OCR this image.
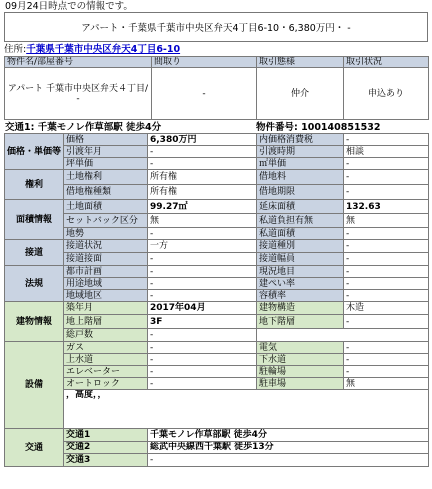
09月24日時点での情報です。
アパート・千葉県千葉市中央区弁天4丁目6-10・6,380万円・ -
住所:千葉県千葉市中央区弁天4丁目6-10
物件名/部屋番号	間取り	取引態様	取引状況
アパート 千葉市中央区弁天４丁目/ -	-	仲介	申込あり
交通1: 千葉モノレ作草部駅 徒歩4分	物件番号: 100140851532
価格・単価等	価格	6,380万円	内価格消費税	-
	引渡年月	-	引渡時期	相談
	坪単価	-	㎡単価	-
権利	土地権利	所有権	借地料	-
	借地権種類	所有権	借地期限	-
面積情報	土地面積	99.27㎡	延床面積	132.63
	セットバック区分	無	私道負担有無	無
	地勢	-	私道面積	-
接道	接道状況	一方	接道種別	-
	接道接面	-	接道幅員	-
法規	都市計画	-	現況地目	-
	用途地域	-	建ぺい率	-
	地域地区	-	容積率	-
建物情報	築年月	2017年04月	建物構造	木造
	地上階層	3F	地下階層	-
	総戸数	-		
設備	ガス	-	電気	-
	上水道	-	下水道	-
	エレベーター	-	駐輪場	-
	オートロック	-	駐車場	無
	，高度，，			
交通	交通1	千葉モノレ作草部駅 徒歩4分		
	交通2	総武中央線西千葉駅 徒歩13分		
	交通3	-		
